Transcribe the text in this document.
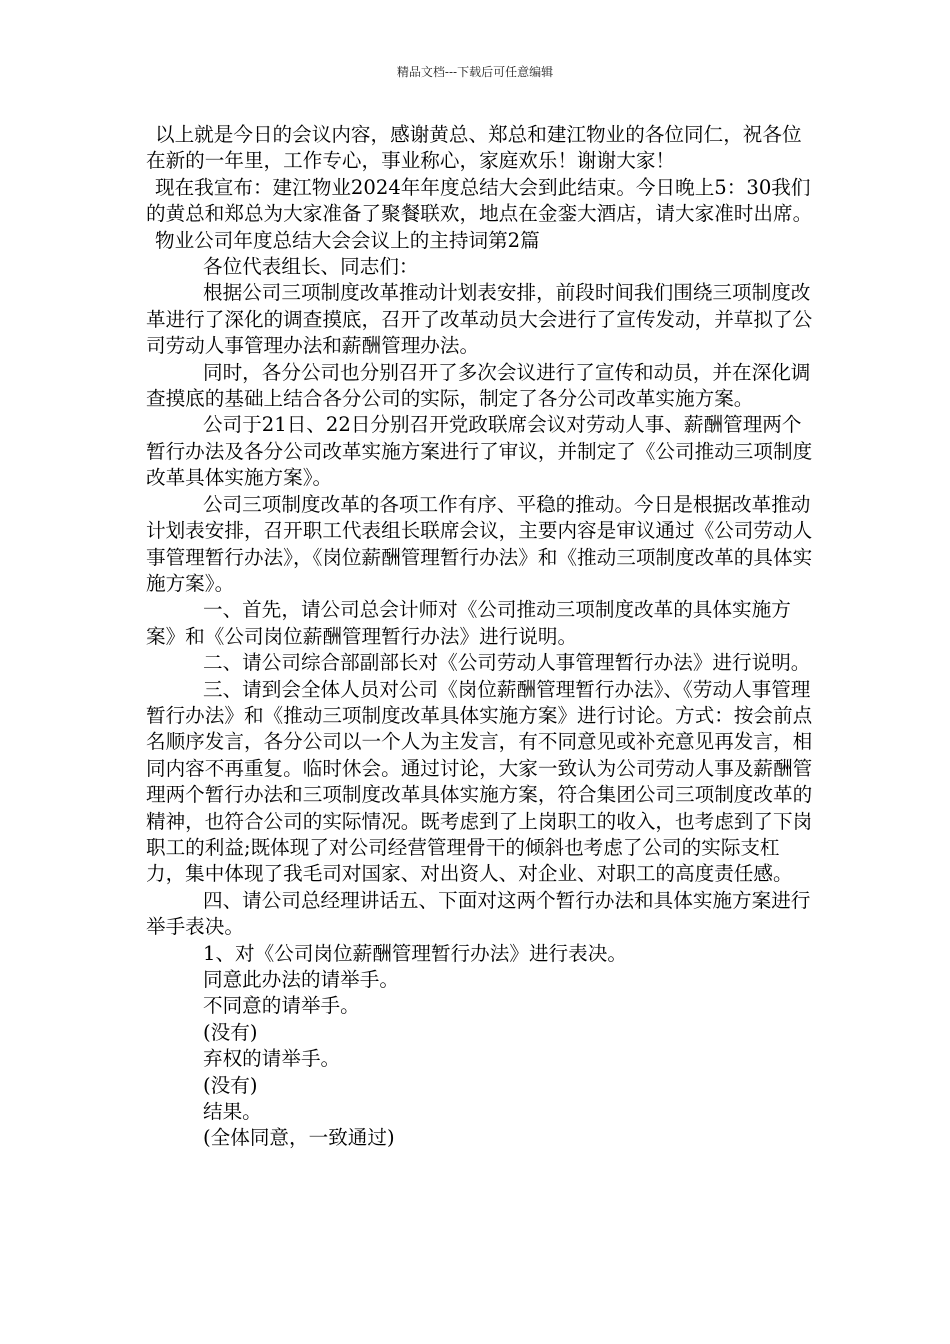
精品文档---下载后可任意编辑

以上就是今日的会议内容，感谢黄总、郑总和建江物业的各位同仁，祝各位在新的一年里，工作专心，事业称心，家庭欢乐！谢谢大家！

现在我宣布：建江物业2024年年度总结大会到此结束。今日晚上5：30我们的黄总和郑总为大家准备了聚餐联欢，地点在金銮大酒店，请大家准时出席。

物业公司年度总结大会会议上的主持词第2篇

各位代表组长、同志们：

根据公司三项制度改革推动计划表安排，前段时间我们围绕三项制度改革进行了深化的调查摸底，召开了改革动员大会进行了宣传发动，并草拟了公司劳动人事管理办法和薪酬管理办法。

同时，各分公司也分别召开了多次会议进行了宣传和动员，并在深化调查摸底的基础上结合各分公司的实际，制定了各分公司改革实施方案。

公司于21日、22日分别召开党政联席会议对劳动人事、薪酬管理两个暂行办法及各分公司改革实施方案进行了审议，并制定了《公司推动三项制度改革具体实施方案》。

公司三项制度改革的各项工作有序、平稳的推动。今日是根据改革推动计划表安排，召开职工代表组长联席会议，主要内容是审议通过《公司劳动人事管理暂行办法》，《岗位薪酬管理暂行办法》和《推动三项制度改革的具体实施方案》。

一、首先，请公司总会计师对《公司推动三项制度改革的具体实施方案》和《公司岗位薪酬管理暂行办法》进行说明。

二、请公司综合部副部长对《公司劳动人事管理暂行办法》进行说明。

三、请到会全体人员对公司《岗位薪酬管理暂行办法》、《劳动人事管理暂行办法》和《推动三项制度改革具体实施方案》进行讨论。方式：按会前点名顺序发言，各分公司以一个人为主发言，有不同意见或补充意见再发言，相同内容不再重复。临时休会。通过讨论，大家一致认为公司劳动人事及薪酬管理两个暂行办法和三项制度改革具体实施方案，符合集团公司三项制度改革的精神，也符合公司的实际情况。既考虑到了上岗职工的收入，也考虑到了下岗职工的利益;既体现了对公司经营管理骨干的倾斜也考虑了公司的实际支杠力，集中体现了我毛司对国家、对出资人、对企业、对职工的高度责任感。

四、请公司总经理讲话五、下面对这两个暂行办法和具体实施方案进行举手表决。

1、对《公司岗位薪酬管理暂行办法》进行表决。

同意此办法的请举手。

不同意的请举手。

(没有)

弃权的请举手。

(没有)

结果。

(全体同意，一致通过)
